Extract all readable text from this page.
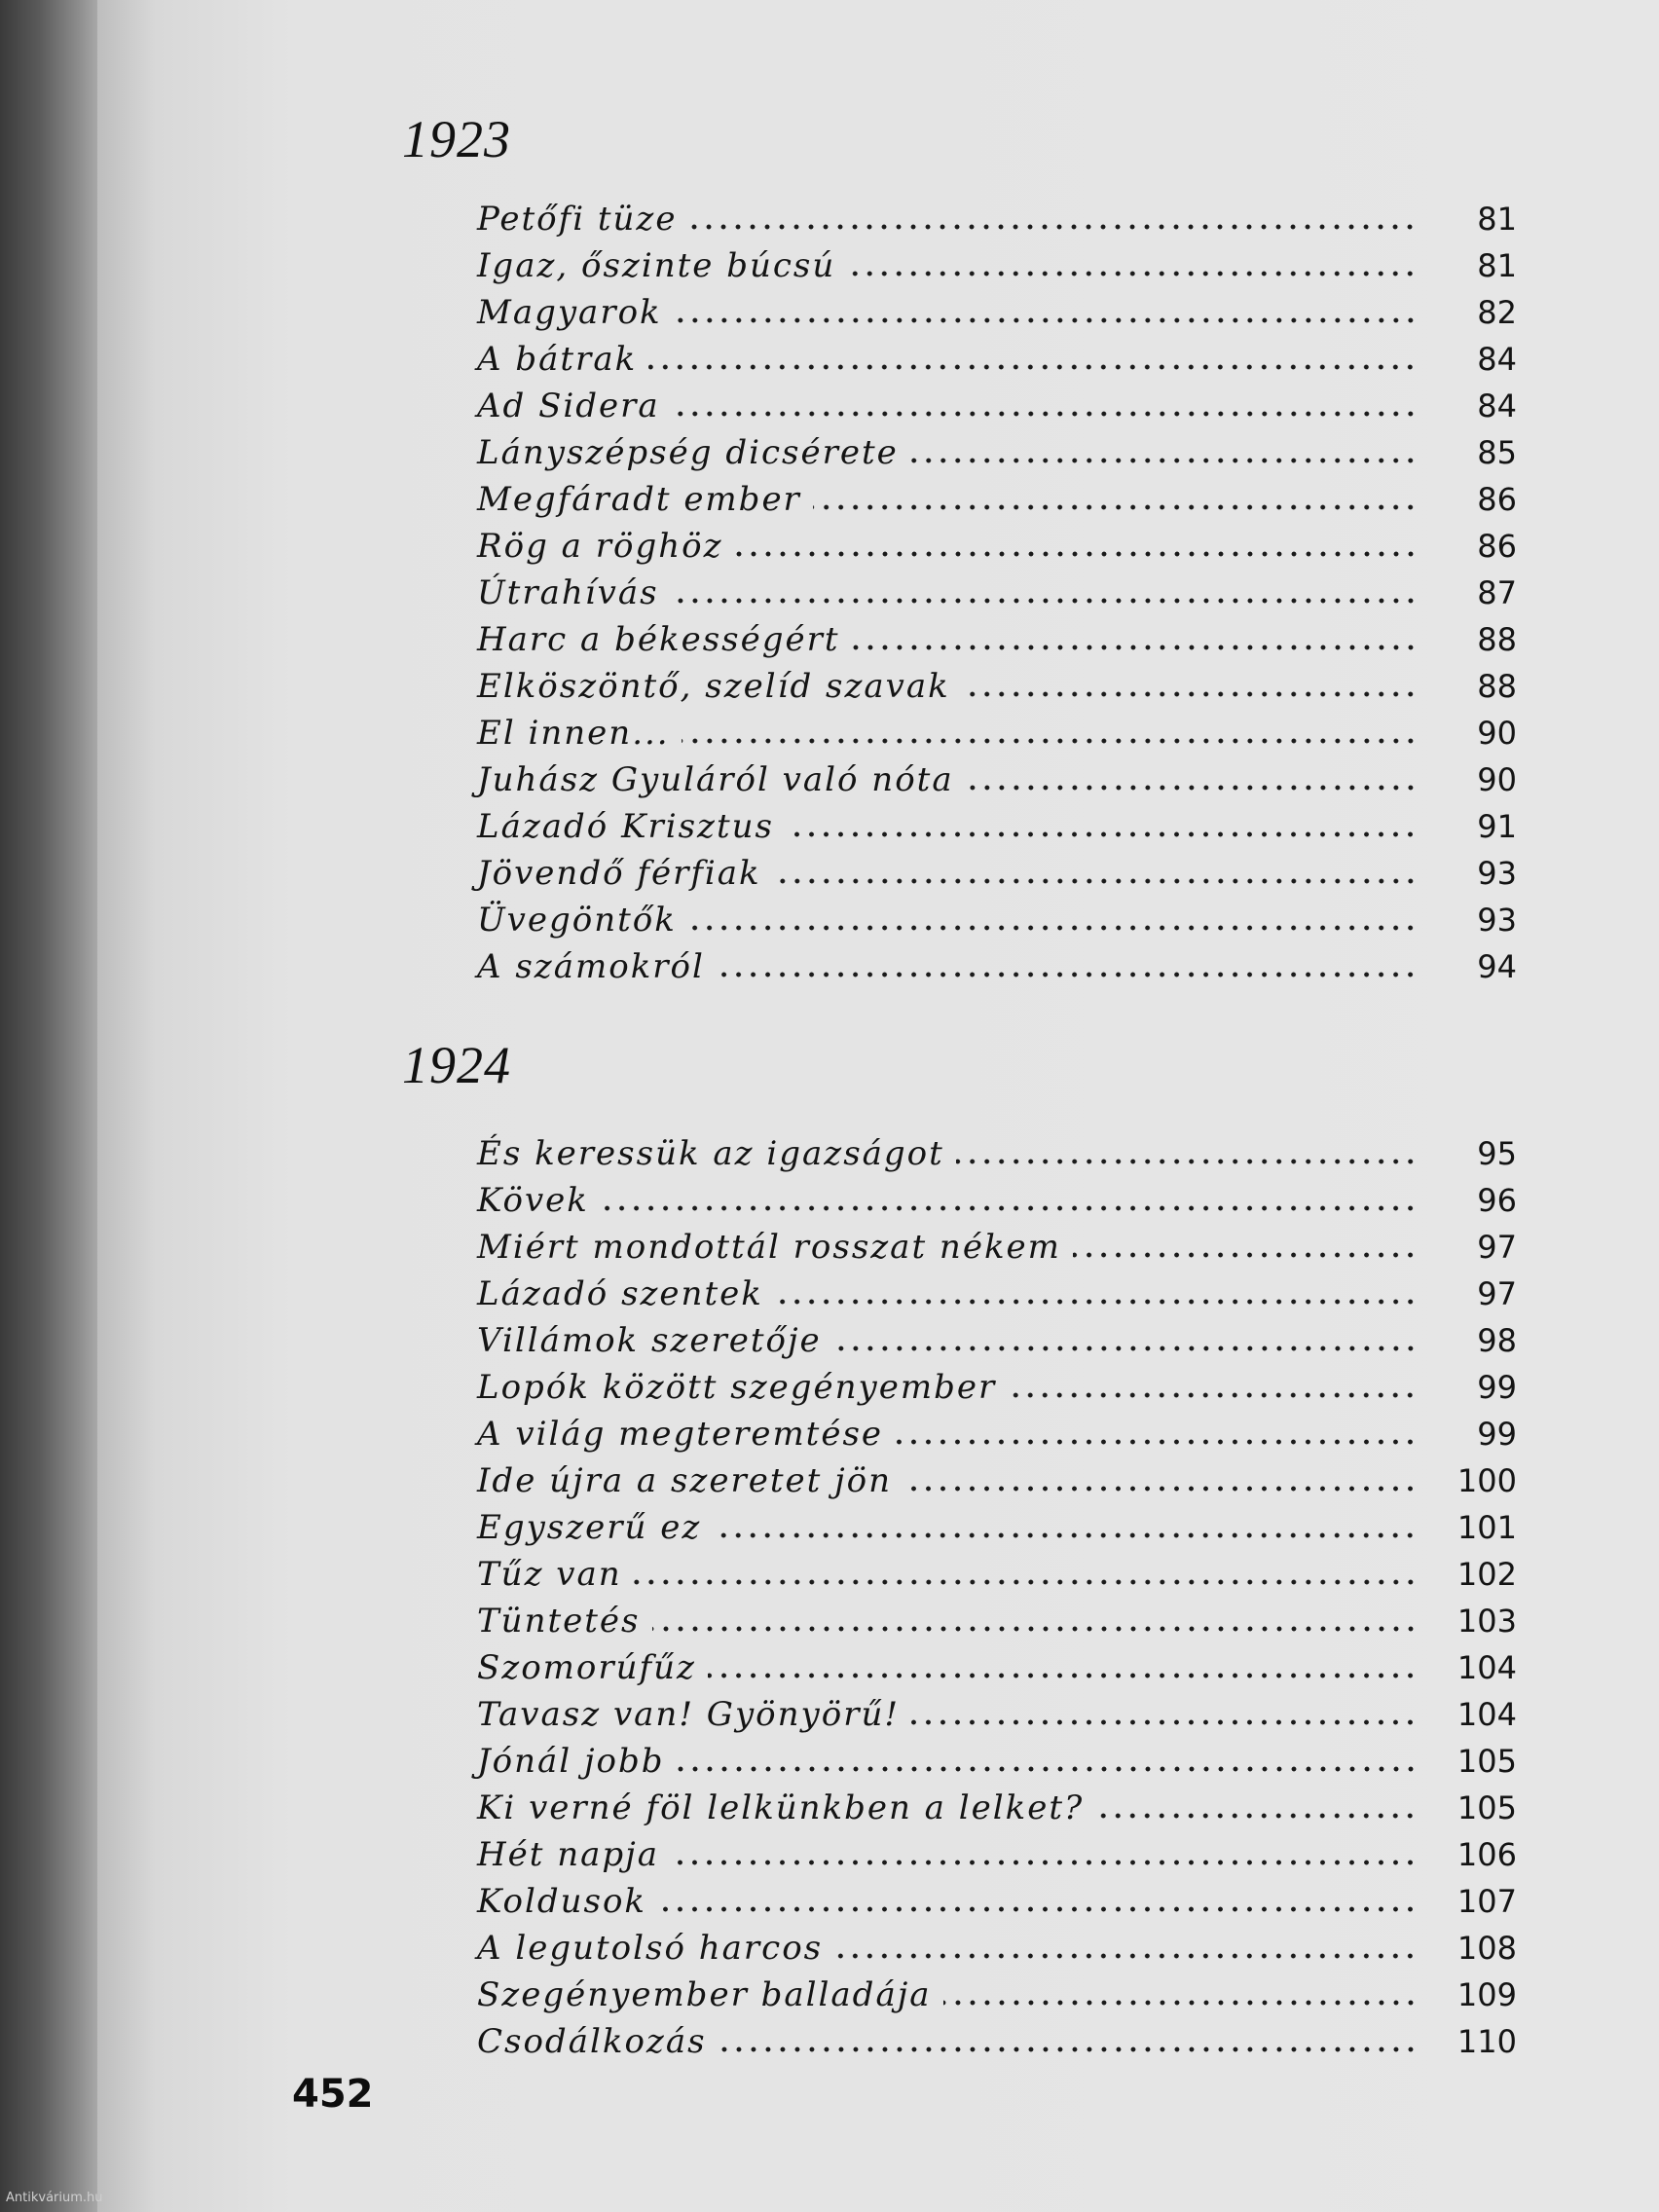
1923
Petőfi tüze	81
Igaz, őszinte búcsú	81
Magyarok	82
A bátrak	84
Ad Sidera	84
Lányszépség dicsérete	85
Megfáradt ember	86
Rög a röghöz	86
Útrahívás	87
Harc a békességért	88
Elköszöntő, szelíd szavak	88
El innen...	90
Juhász Gyuláról való nóta	90
Lázadó Krisztus	91
Jövendő férfiak	93
Üvegöntők	93
A számokról	94
1924
És keressük az igazságot	95
Kövek	96
Miért mondottál rosszat nékem	97
Lázadó szentek	97
Villámok szeretője	98
Lopók között szegényember	99
A világ megteremtése	99
Ide újra a szeretet jön	100
Egyszerű ez	101
Tűz van	102
Tüntetés	103
Szomorúfűz	104
Tavasz van! Gyönyörű!	104
Jónál jobb	105
Ki verné föl lelkünkben a lelket?	105
Hét napja	106
Koldusok	107
A legutolsó harcos	108
Szegényember balladája	109
Csodálkozás	110
452
Antikvárium.hu
